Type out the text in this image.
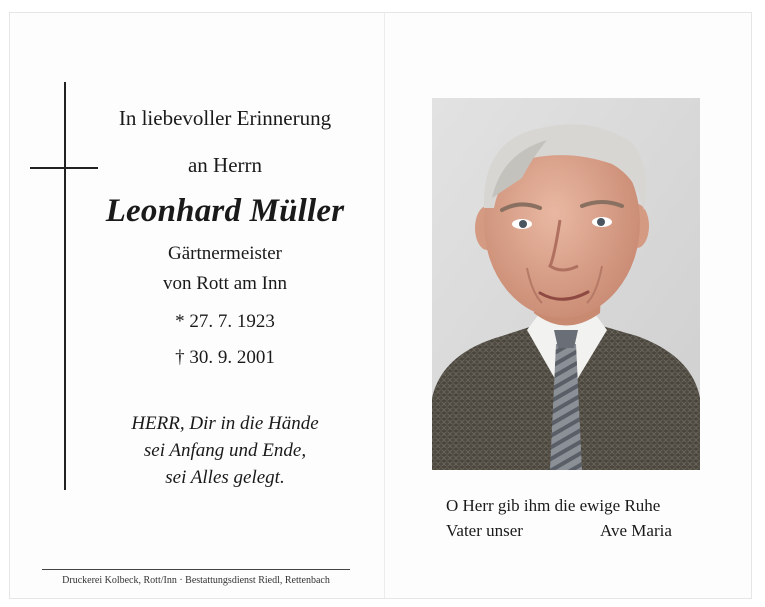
In liebevoller Erinnerung
an Herrn
Leonhard Müller
Gärtnermeister
von Rott am Inn
* 27. 7. 1923
† 30. 9. 2001
HERR, Dir in die Hände
sei Anfang und Ende,
sei Alles gelegt.
Druckerei Kolbeck, Rott/Inn · Bestattungsdienst Riedl, Rettenbach
O Herr gib ihm die ewige Ruhe
Vater unser	Ave Maria
